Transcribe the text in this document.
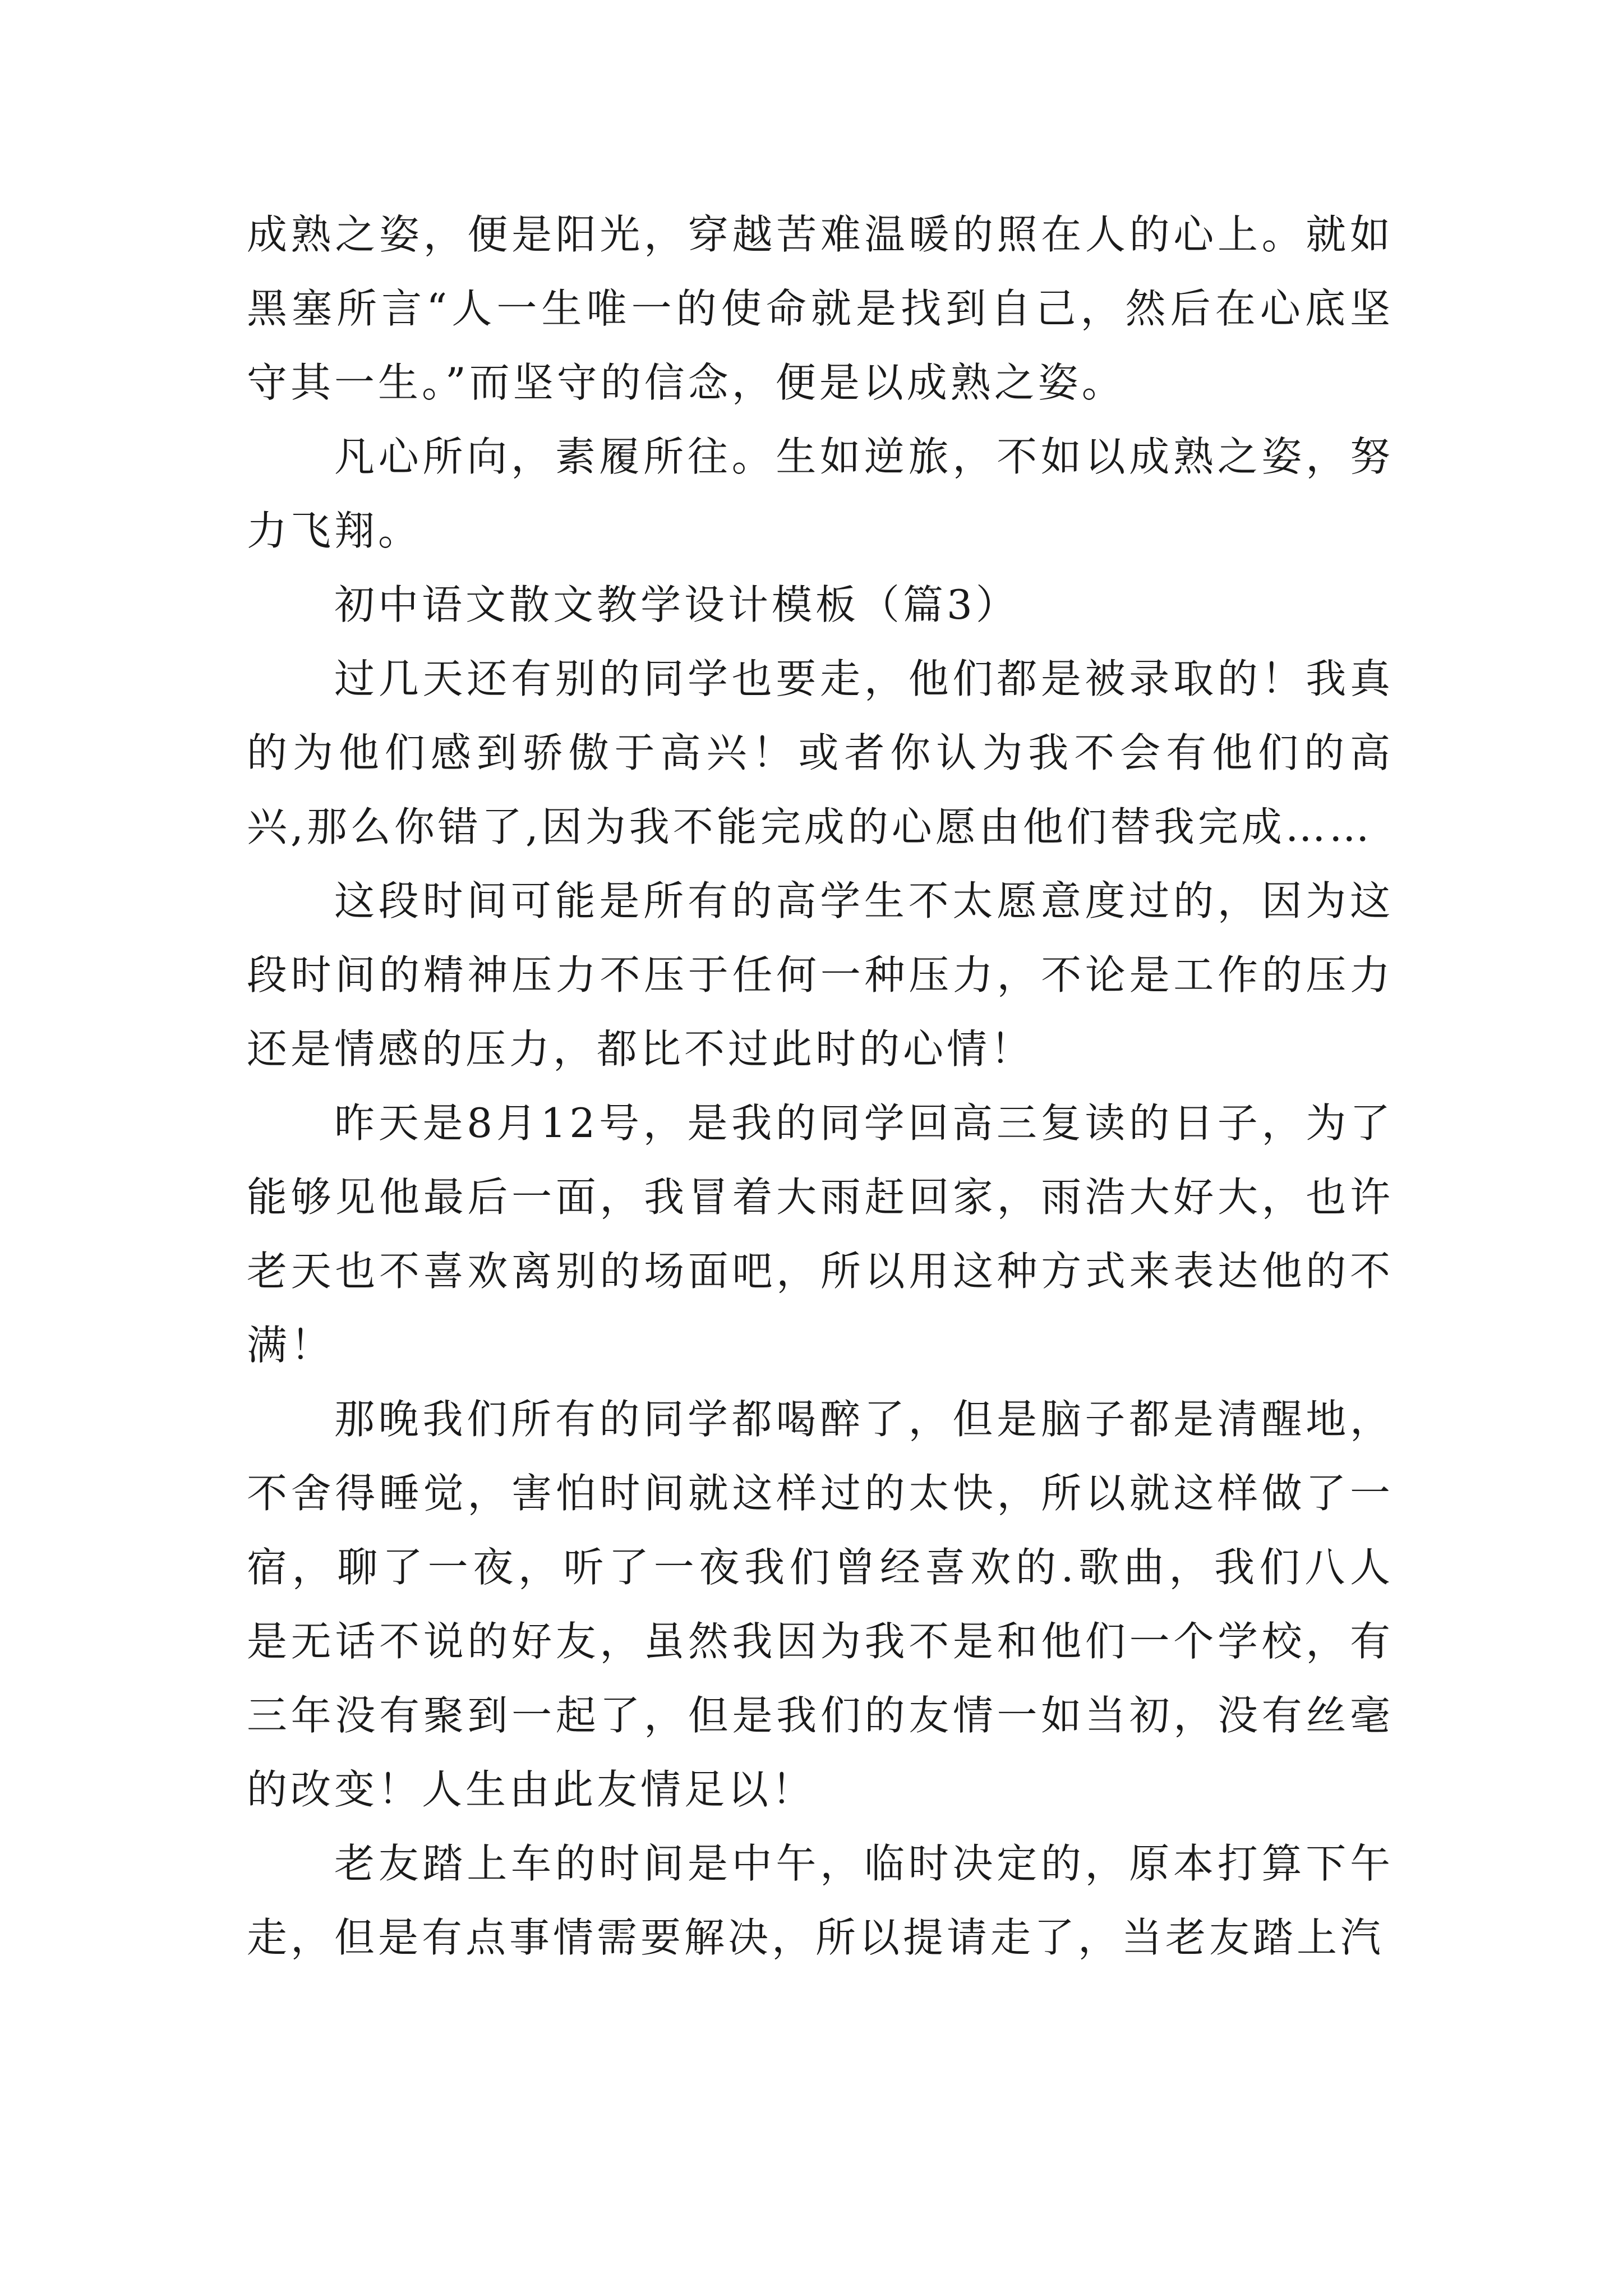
成熟之姿，便是阳光，穿越苦难温暖的照在人的心上。就如黑塞所言“人一生唯一的使命就是找到自己，然后在心底坚守其一生。”而坚守的信念，便是以成熟之姿。

凡心所向，素履所往。生如逆旅，不如以成熟之姿，努力飞翔。

初中语文散文教学设计模板（篇3）

过几天还有别的同学也要走，他们都是被录取的！我真的为他们感到骄傲于高兴！或者你认为我不会有他们的高兴,那么你错了,因为我不能完成的心愿由他们替我完成……

这段时间可能是所有的高学生不太愿意度过的，因为这段时间的精神压力不压于任何一种压力，不论是工作的压力还是情感的压力，都比不过此时的心情！

昨天是8月12号，是我的同学回高三复读的日子，为了能够见他最后一面，我冒着大雨赶回家，雨浩大好大，也许老天也不喜欢离别的场面吧，所以用这种方式来表达他的不满！

那晚我们所有的同学都喝醉了，但是脑子都是清醒地，不舍得睡觉，害怕时间就这样过的太快，所以就这样做了一宿，聊了一夜，听了一夜我们曾经喜欢的.歌曲，我们八人是无话不说的好友，虽然我因为我不是和他们一个学校，有三年没有聚到一起了，但是我们的友情一如当初，没有丝毫的改变！人生由此友情足以！

老友踏上车的时间是中午，临时决定的，原本打算下午走，但是有点事情需要解决，所以提请走了，当老友踏上汽
